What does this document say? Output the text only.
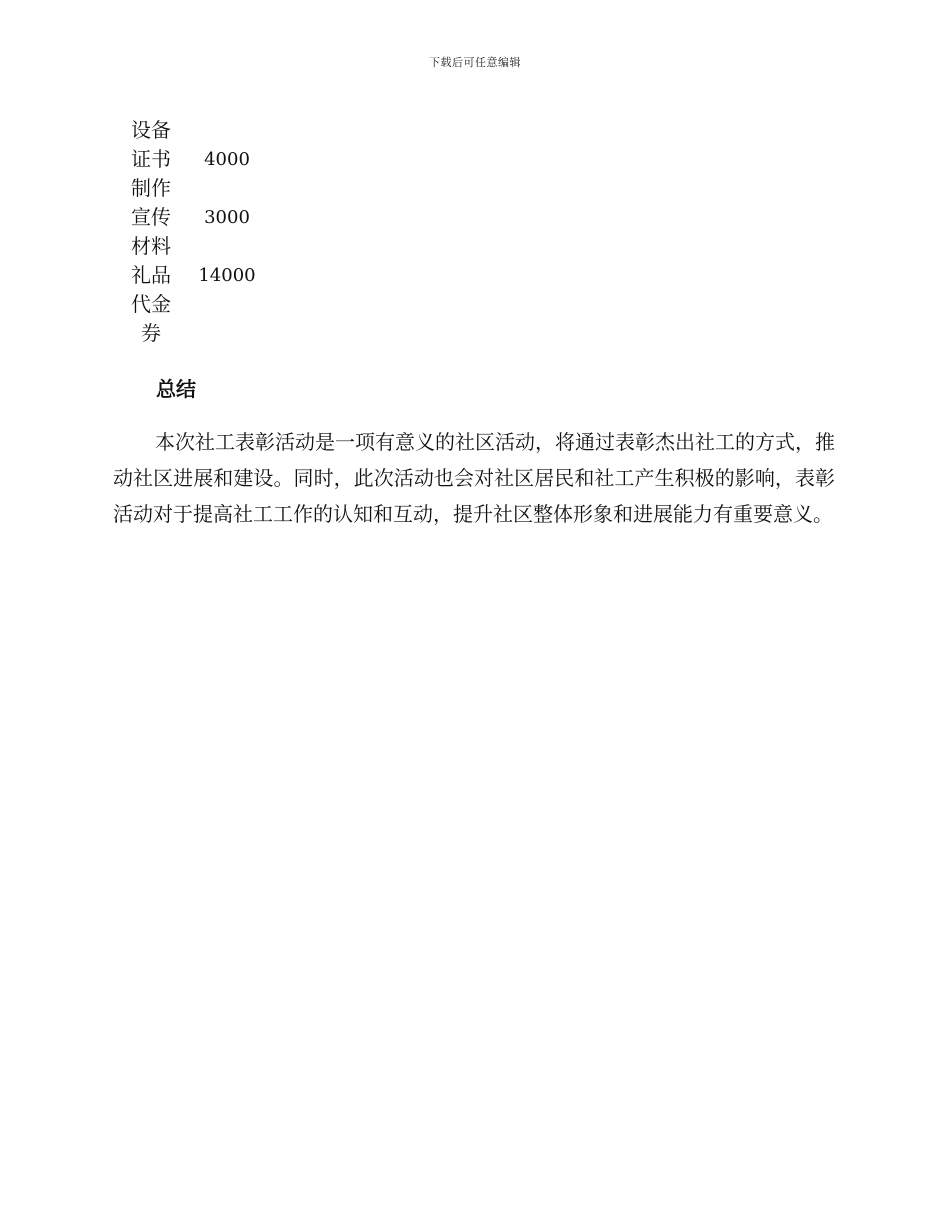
下载后可任意编辑
设备
证书
制作
4000
宣传
材料
3000
礼品
代金
券
14000
总结

本次社工表彰活动是一项有意义的社区活动，将通过表彰杰出社工的方式，推动社区进展和建设。同时，此次活动也会对社区居民和社工产生积极的影响，表彰活动对于提高社工工作的认知和互动，提升社区整体形象和进展能力有重要意义。
